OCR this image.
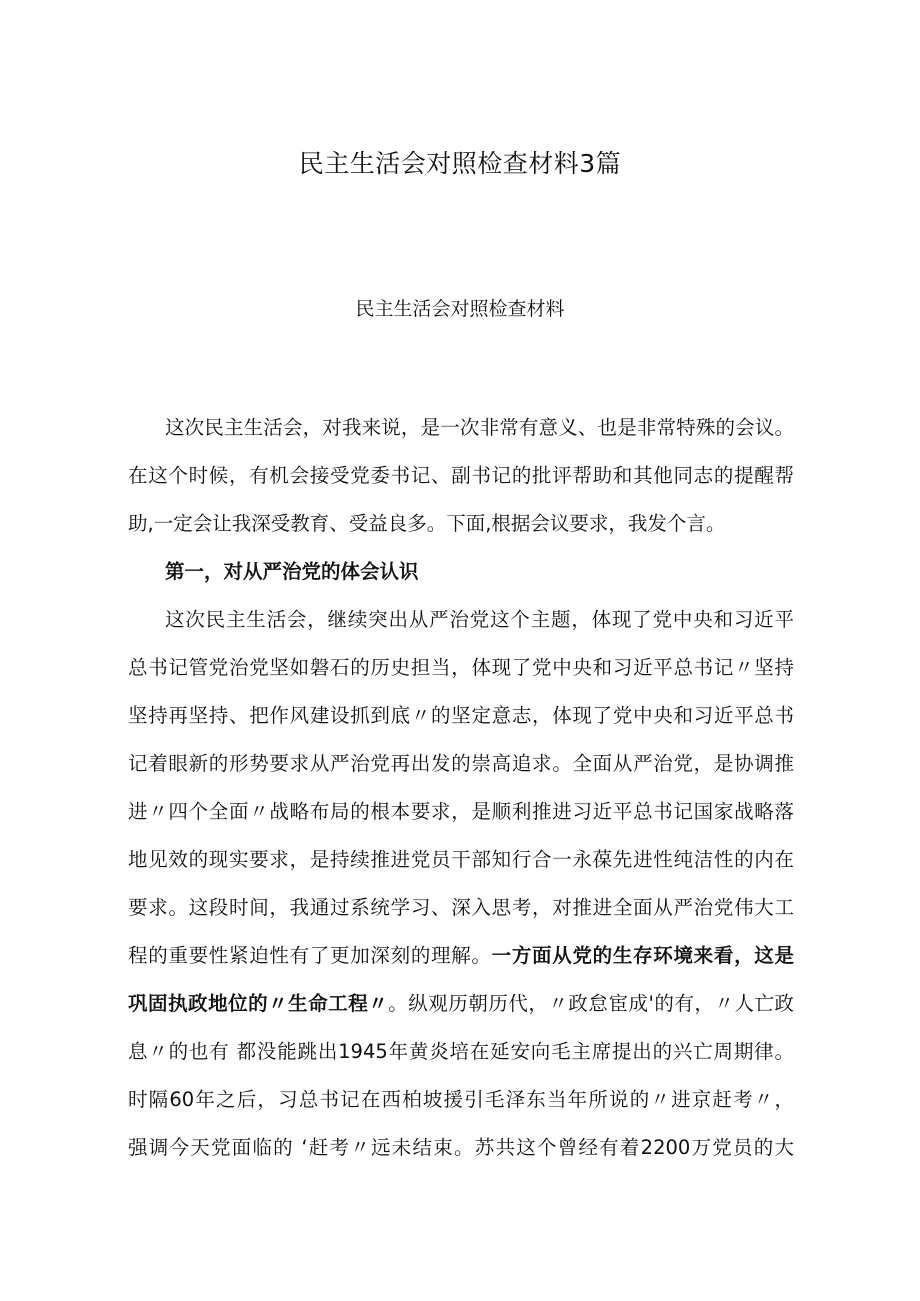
民主生活会对照检查材料3篇
民主生活会对照检查材料
这次民主生活会，对我来说，是一次非常有意义、也是非常特殊的会议。
在这个时候，有机会接受党委书记、副书记的批评帮助和其他同志的提醒帮
助,一定会让我深受教育、受益良多。下面,根据会议要求，我发个言。
第一，对从严治党的体会认识
这次民主生活会，继续突出从严治党这个主题，体现了党中央和习近平
总书记管党治党坚如磐石的历史担当，体现了党中央和习近平总书记〃坚持
坚持再坚持、把作风建设抓到底〃的坚定意志，体现了党中央和习近平总书
记着眼新的形势要求从严治党再出发的崇高追求。全面从严治党，是协调推
进〃四个全面〃战略布局的根本要求，是顺利推进习近平总书记国家战略落
地见效的现实要求，是持续推进党员干部知行合一永葆先进性纯洁性的内在
要求。这段时间，我通过系统学习、深入思考，对推进全面从严治党伟大工
程的重要性紧迫性有了更加深刻的理解。一方面从党的生存环境来看，这是
巩固执政地位的〃生命工程〃。纵观历朝历代，〃政怠宦成'的有，〃人亡政
息〃的也有 都没能跳出1945年黄炎培在延安向毛主席提出的兴亡周期律。
时隔60年之后，习总书记在西柏坡援引毛泽东当年所说的〃进京赶考〃，
强调今天党面临的 ‘赶考〃远未结束。苏共这个曾经有着2200万党员的大
